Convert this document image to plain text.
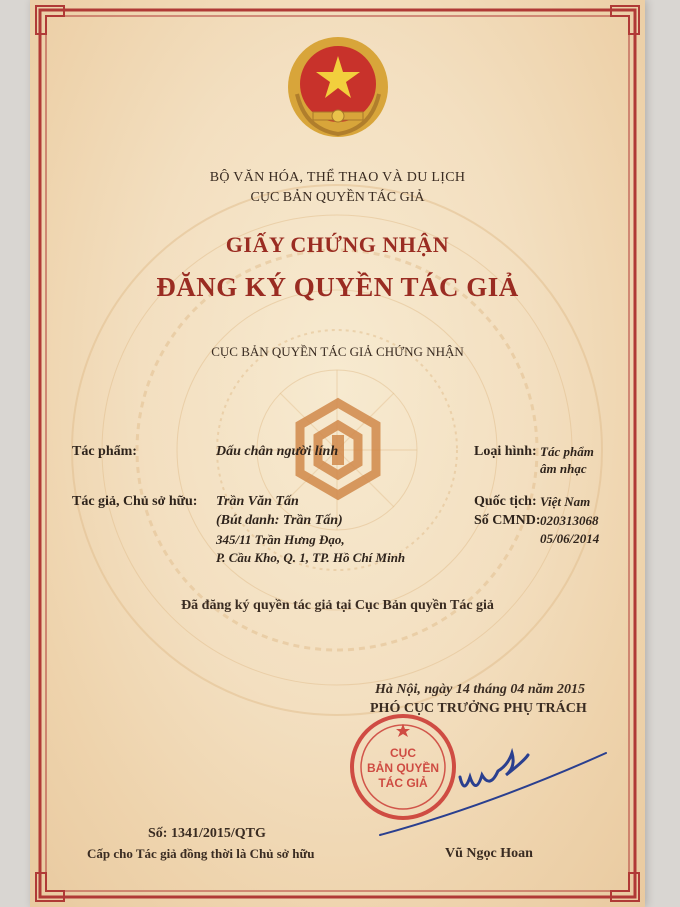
BỘ VĂN HÓA, THỂ THAO VÀ DU LỊCH
CỤC BẢN QUYỀN TÁC GIẢ
GIẤY CHỨNG NHẬN
ĐĂNG KÝ QUYỀN TÁC GIẢ
CỤC BẢN QUYỀN TÁC GIẢ CHỨNG NHẬN
Tác phẩm:	Dấu chân người lính	Loại hình: Tác phẩm
âm nhạc
Tác giả, Chủ sở hữu: Trần Văn Tấn
(Bút danh: Trần Tấn)
345/11 Trần Hưng Đạo,
P. Cầu Kho, Q. 1, TP. Hồ Chí Minh
Quốc tịch: Việt Nam
Số CMND: 020313068
05/06/2014
Đã đăng ký quyền tác giả tại Cục Bản quyền Tác giả
Hà Nội, ngày 14 tháng 04 năm 2015
PHÓ CỤC TRƯỞNG PHỤ TRÁCH
CỤC
BẢN QUYỀN
TÁC GIẢ
Vũ Ngọc Hoan
Số: 1341/2015/QTG
Cấp cho Tác giả đồng thời là Chủ sở hữu
